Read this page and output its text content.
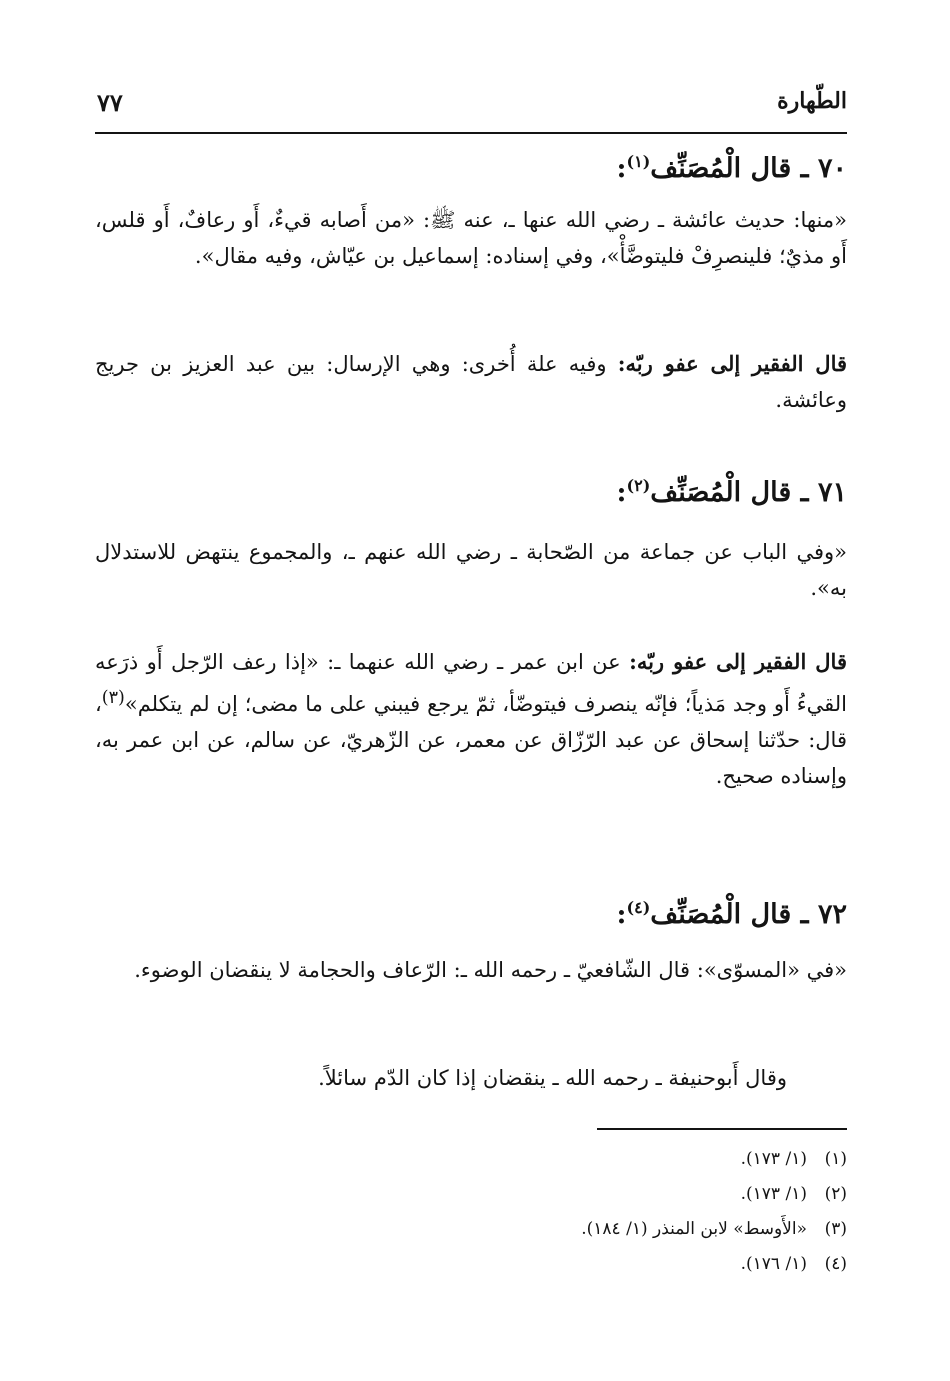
الطّهارة
٧٧
٧٠ ـ قال الْمُصَنِّف$^{(١)}$:

«منها: حديث عائشة ـ رضي الله عنها ـ، عنه ﷺ: «من أَصابه قيءٌ، أَو رعافٌ، أَو قلس، أَو مذيٌ؛ فلينصرِفْ فليتوضَّأْ»، وفي إسناده: إسماعيل بن عيّاش، وفيه مقال».

قال الفقير إلى عفو ربّه: وفيه علة أُخرى: وهي الإرسال: بين عبد العزيز بن جريج وعائشة.

٧١ ـ قال الْمُصَنِّف$^{(٢)}$:

«وفي الباب عن جماعة من الصّحابة ـ رضي الله عنهم ـ، والمجموع ينتهض للاستدلال به».

قال الفقير إلى عفو ربّه: عن ابن عمر ـ رضي الله عنهما ـ: «إذا رعف الرّجل أَو ذرَعه القيءُ أَو وجد مَذياً؛ فإنّه ينصرف فيتوضّأ، ثمّ يرجع فيبني على ما مضى؛ إن لم يتكلم»$^{(٣)}$، قال: حدّثنا إسحاق عن عبد الرّزّاق عن معمر، عن الزّهريّ، عن سالم، عن ابن عمر به، وإسناده صحيح.

٧٢ ـ قال الْمُصَنِّف$^{(٤)}$:

«في «المسوّى»: قال الشّافعيّ ـ رحمه الله ـ: الرّعاف والحجامة لا ينقضان الوضوء.

وقال أَبوحنيفة ـ رحمه الله ـ ينقضان إذا كان الدّم سائلاً.

(١)
(١/ ١٧٣).
(٢)
(١/ ١٧٣).
(٣)
«الأَوسط» لابن المنذر (١/ ١٨٤).
(٤)
(١/ ١٧٦).
